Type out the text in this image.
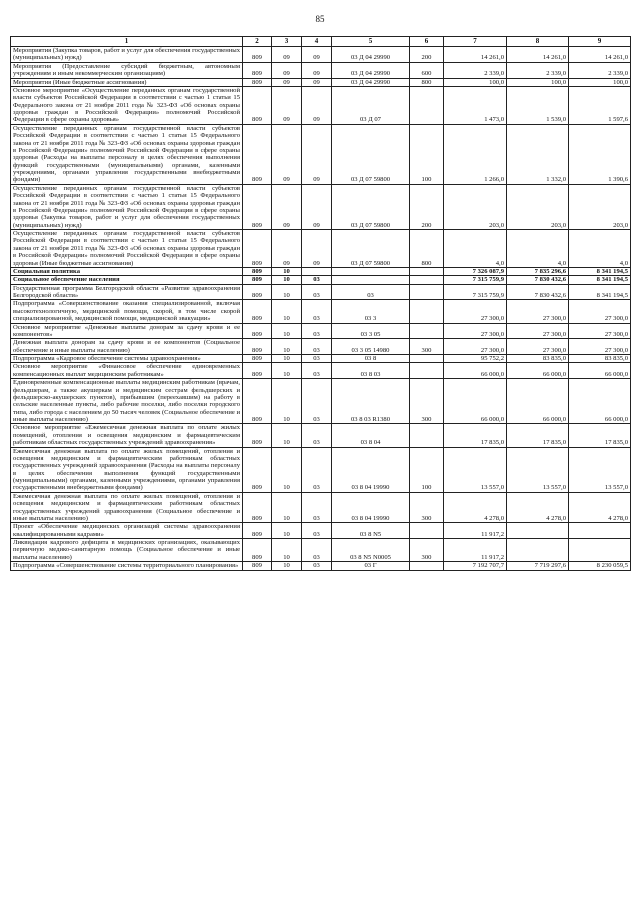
85
1	2	3	4	5	6	7	8	9
Мероприятия (Закупка товаров, работ и услуг для обеспечения государственных (муниципальных) нужд)	809	09	09	03 Д 04 29990	200	14 261,0	14 261,0	14 261,0
Мероприятия (Предоставление субсидий бюджетным, автономным учреждениям и иным некоммерческим организациям)	809	09	09	03 Д 04 29990	600	2 339,0	2 339,0	2 339,0
Мероприятия (Иные бюджетные ассигнования)	809	09	09	03 Д 04 29990	800	100,0	100,0	100,0
Основное мероприятие «Осуществление переданных органам государственной власти субъектов Российской Федерации в соответствии с частью 1 статьи 15 Федерального закона от 21 ноября 2011 года № 323-ФЗ «Об основах охраны здоровья граждан в Российской Федерации» полномочий Российской Федерации в сфере охраны здоровья»	809	09	09	03 Д 07		1 473,0	1 539,0	1 597,6
Осуществление переданных органам государственной власти субъектов Российской Федерации в соответствии с частью 1 статьи 15 Федерального закона от 21 ноября 2011 года № 323-ФЗ «Об основах охраны здоровья граждан в Российской Федерации» полномочий Российской Федерации в сфере охраны здоровья (Расходы на выплаты персоналу в целях обеспечения выполнения функций государственными (муниципальными) органами, казенными учреждениями, органами управления государственными внебюджетными фондами)	809	09	09	03 Д 07 59800	100	1 266,0	1 332,0	1 390,6
Осуществление переданных органам государственной власти субъектов Российской Федерации в соответствии с частью 1 статьи 15 Федерального закона от 21 ноября 2011 года № 323-ФЗ «Об основах охраны здоровья граждан в Российской Федерации» полномочий Российской Федерации в сфере охраны здоровья (Закупка товаров, работ и услуг для обеспечения государственных (муниципальных) нужд)	809	09	09	03 Д 07 59800	200	203,0	203,0	203,0
Осуществление переданных органам государственной власти субъектов Российской Федерации в соответствии с частью 1 статьи 15 Федерального закона от 21 ноября 2011 года № 323-ФЗ «Об основах охраны здоровья граждан в Российской Федерации» полномочий Российской Федерации в сфере охраны здоровья (Иные бюджетные ассигнования)	809	09	09	03 Д 07 59800	800	4,0	4,0	4,0
Социальная политика	809	10				7 326 087,9	7 835 296,6	8 341 194,5
Социальное обеспечение населения	809	10	03			7 315 759,9	7 830 432,6	8 341 194,5
Государственная программа Белгородской области «Развитие здравоохранения Белгородской области»	809	10	03	03		7 315 759,9	7 830 432,6	8 341 194,5
Подпрограмма «Совершенствование оказания специализированной, включая высокотехнологичную, медицинской помощи, скорой, в том числе скорой специализированной, медицинской помощи, медицинской эвакуации»	809	10	03	03 3		27 300,0	27 300,0	27 300,0
Основное мероприятие «Денежные выплаты донорам за сдачу крови и ее компонентов»	809	10	03	03 3 05		27 300,0	27 300,0	27 300,0
Денежная выплата донорам за сдачу крови и ее компонентов (Социальное обеспечение и иные выплаты населению)	809	10	03	03 3 05 14980	300	27 300,0	27 300,0	27 300,0
Подпрограмма «Кадровое обеспечение системы здравоохранения»	809	10	03	03 8		95 752,2	83 835,0	83 835,0
Основное мероприятие «Финансовое обеспечение единовременных компенсационных выплат медицинским работникам»	809	10	03	03 8 03		66 000,0	66 000,0	66 000,0
Единовременные компенсационные выплаты медицинским работникам (врачам, фельдшерам, а также акушеркам и медицинским сестрам фельдшерских и фельдшерско-акушерских пунктов), прибывшим (переехавшим) на работу в сельские населенные пункты, либо рабочие поселки, либо поселки городского типа, либо города с населением до 50 тысяч человек (Социальное обеспечение и иные выплаты населению)	809	10	03	03 8 03 R1380	300	66 000,0	66 000,0	66 000,0
Основное мероприятие «Ежемесячная денежная выплата по оплате жилых помещений, отопления и освещения медицинским и фармацевтическим работникам областных государственных учреждений здравоохранения»	809	10	03	03 8 04		17 835,0	17 835,0	17 835,0
Ежемесячная денежная выплата по оплате жилых помещений, отопления и освещения медицинским и фармацевтическим работникам областных государственных учреждений здравоохранения (Расходы на выплаты персоналу в целях обеспечения выполнения функций государственными (муниципальными) органами, казенными учреждениями, органами управления государственными внебюджетными фондами)	809	10	03	03 8 04 19990	100	13 557,0	13 557,0	13 557,0
Ежемесячная денежная выплата по оплате жилых помещений, отопления и освещения медицинским и фармацевтическим работникам областных государственных учреждений здравоохранения (Социальное обеспечение и иные выплаты населению)	809	10	03	03 8 04 19990	300	4 278,0	4 278,0	4 278,0
Проект «Обеспечение медицинских организаций системы здравоохранения квалифицированными кадрами»	809	10	03	03 8 N5		11 917,2		
Ликвидация кадрового дефицита в медицинских организациях, оказывающих первичную медико-санитарную помощь (Социальное обеспечение и иные выплаты населению)	809	10	03	03 8 N5 N0005	300	11 917,2		
Подпрограмма «Совершенствование системы территориального планирования»	809	10	03	03 Г		7 192 707,7	7 719 297,6	8 230 059,5
